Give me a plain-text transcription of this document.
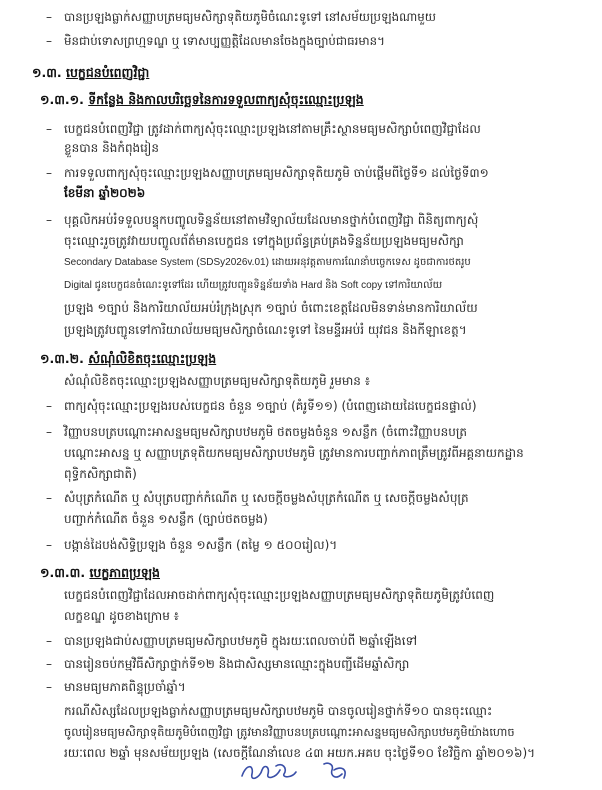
– បានប្រឡងធ្លាក់សញ្ញាបត្រមធ្យមសិក្សាទុតិយភូមិចំណេះទូទៅ នៅសម័យប្រឡងណាមួយ
– មិនជាប់ទោសព្រហ្មទណ្ឌ ឬ ទោសប្បញ្ញត្តិដែលមានចែងក្នុងច្បាប់ជាធរមាន។
១.៣. បេក្ខជនបំពេញវិជ្ជា
១.៣.១. ទីកន្លែង និងកាលបរិច្ឆេទនៃការទទួលពាក្យសុំចុះឈ្មោះប្រឡង
– បេក្ខជនបំពេញវិជ្ជា ត្រូវដាក់ពាក្យសុំចុះឈ្មោះប្រឡងនៅតាមគ្រឹះស្ថានមធ្យមសិក្សាបំពេញវិជ្ជាដែល
ខ្លួនបាន និងកំពុងរៀន
– ការទទួលពាក្យសុំចុះឈ្មោះប្រឡងសញ្ញាបត្រមធ្យមសិក្សាទុតិយភូមិ ចាប់ផ្ដើមពីថ្ងៃទី១ ដល់ថ្ងៃទី៣១
ខែមីនា ឆ្នាំ២០២៦
– បុគ្គលិកអប់រំទទួលបន្ទុកបញ្ចូលទិន្នន័យនៅតាមវិទ្យាល័យដែលមានថ្នាក់បំពេញវិជ្ជា ពិនិត្យពាក្យសុំ
ចុះឈ្មោះរួចត្រូវវាយបញ្ចូលព័ត៌មានបេក្ខជន ទៅក្នុងប្រព័ន្ធគ្រប់គ្រងទិន្នន័យប្រឡងមធ្យមសិក្សា
Secondary Database System (SDSy2026v.01) ដោយអនុវត្តតាមការណែនាំបច្ចេកទេស ដូចជាការថតរូប
Digital ជូនបេក្ខជនចំណេះទូទៅដែរ ហើយត្រូវបញ្ជូនទិន្នន័យទាំង Hard និង Soft copy ទៅការិយាល័យ
ប្រឡង ១ច្បាប់ និងការិយាល័យអប់រំក្រុងស្រុក ១ច្បាប់ ចំពោះខេត្តដែលមិនទាន់មានការិយាល័យ
ប្រឡងត្រូវបញ្ជូនទៅការិយាល័យមធ្យមសិក្សាចំណេះទូទៅ នៃមន្ទីរអប់រំ យុវជន និងកីឡាខេត្ត។
១.៣.២. សំណុំលិខិតចុះឈ្មោះប្រឡង
សំណុំលិខិតចុះឈ្មោះប្រឡងសញ្ញាបត្រមធ្យមសិក្សាទុតិយភូមិ រួមមាន ៖
– ពាក្យសុំចុះឈ្មោះប្រឡងរបស់បេក្ខជន ចំនួន ១ច្បាប់ (គំរូទី១១) (បំពេញដោយដៃបេក្ខជនផ្ទាល់)
– វិញ្ញាបនបត្របណ្ដោះអាសន្នមធ្យមសិក្សាបឋមភូមិ ថតចម្លងចំនួន ១សន្លឹក (ចំពោះវិញ្ញាបនបត្រ
បណ្ដោះអាសន្ន ឬ សញ្ញាបត្រទុតិយកមធ្យមសិក្សាបឋមភូមិ ត្រូវមានការបញ្ជាក់ភាពត្រឹមត្រូវពីអគ្គនាយកដ្ឋាន
ពុទ្ធិកសិក្សាជាតិ)
– សំបុត្រកំណើត ឬ សំបុត្របញ្ជាក់កំណើត ឬ សេចក្ដីចម្លងសំបុត្រកំណើត ឬ សេចក្ដីចម្លងសំបុត្រ
បញ្ជាក់កំណើត ចំនួន ១សន្លឹក (ច្បាប់ថតចម្លង)
– បង្កាន់ដៃបង់សិទ្ធិប្រឡង ចំនួន ១សន្លឹក (តម្លៃ ១ ៥០០រៀល)។
១.៣.៣. បេក្ខភាពប្រឡង
បេក្ខជនបំពេញវិជ្ជាដែលអាចដាក់ពាក្យសុំចុះឈ្មោះប្រឡងសញ្ញាបត្រមធ្យមសិក្សាទុតិយភូមិត្រូវបំពេញ
លក្ខខណ្ឌ ដូចខាងក្រោម ៖
– បានប្រឡងជាប់សញ្ញាបត្រមធ្យមសិក្សាបឋមភូមិ ក្នុងរយៈពេលចាប់ពី ២ឆ្នាំឡើងទៅ
– បានរៀនចប់កម្មវិធីសិក្សាថ្នាក់ទី១២ និងជាសិស្សមានឈ្មោះក្នុងបញ្ជីដើមឆ្នាំសិក្សា
– មានមធ្យមភាគពិន្ទុប្រចាំឆ្នាំ។
ករណីសិស្សដែលប្រឡងធ្លាក់សញ្ញាបត្រមធ្យមសិក្សាបឋមភូមិ បានចូលរៀនថ្នាក់ទី១០ បានចុះឈ្មោះ
ចូលរៀនមធ្យមសិក្សាទុតិយភូមិបំពេញវិជ្ជា ត្រូវមានវិញ្ញាបនបត្របណ្ដោះអាសន្នមធ្យមសិក្សាបឋមភូមិយ៉ាងហោច
រយៈពេល ២ឆ្នាំ មុនសម័យប្រឡង (សេចក្ដីណែនាំលេខ ៤៣ អយក.អគប ចុះថ្ងៃទី១០ ខែវិច្ឆិកា ឆ្នាំ២០១៦)។
